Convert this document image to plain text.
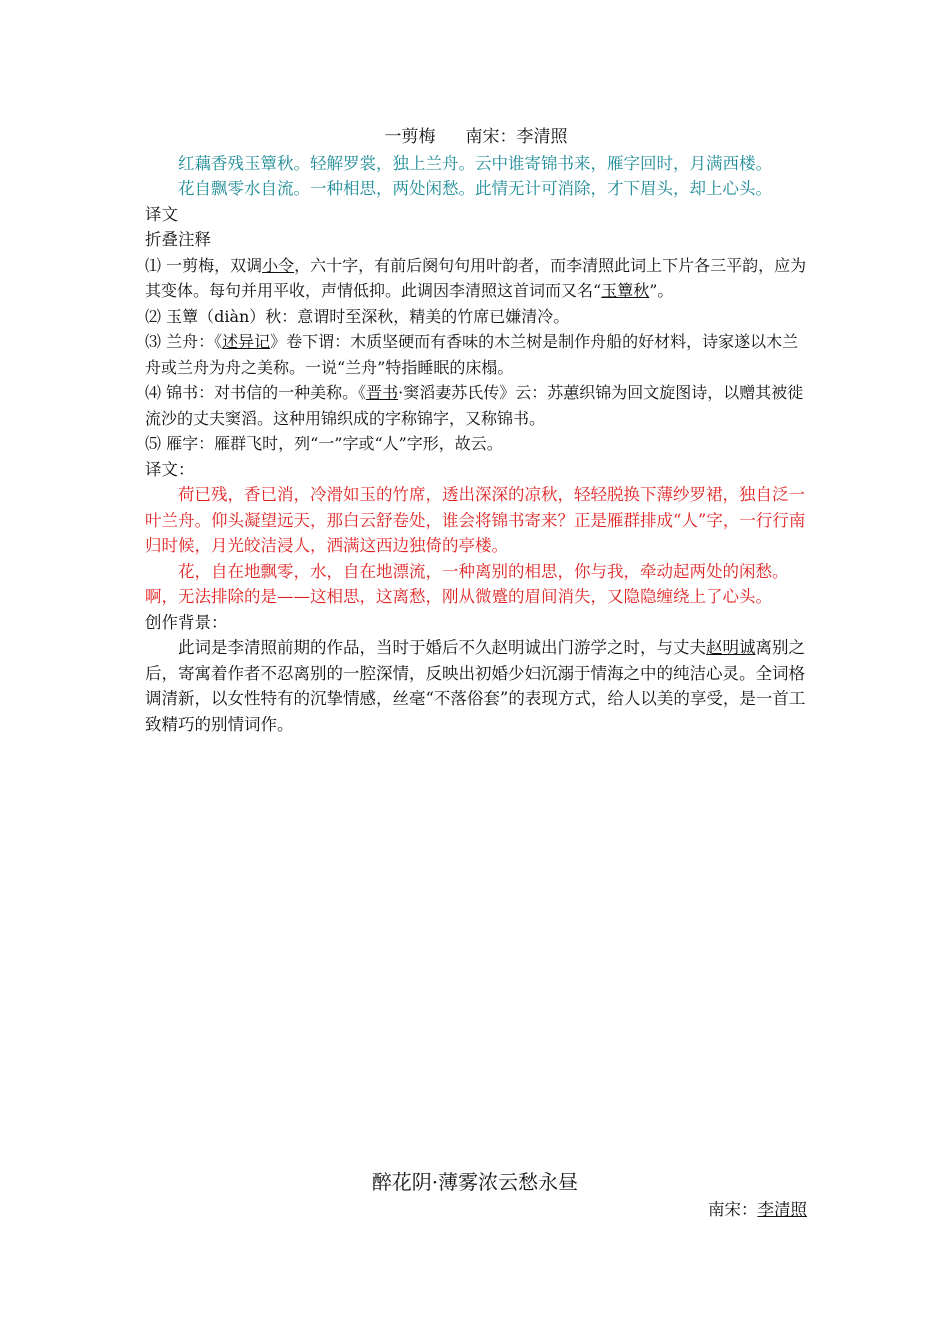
一剪梅 南宋：李清照

红藕香残玉簟秋。轻解罗裳，独上兰舟。云中谁寄锦书来，雁字回时，月满西楼。

花自飘零水自流。一种相思，两处闲愁。此情无计可消除，才下眉头，却上心头。

译文

折叠注释

⑴ 一剪梅，双调小令，六十字，有前后阕句句用叶韵者，而李清照此词上下片各三平韵，应为其变体。每句并用平收，声情低抑。此调因李清照这首词而又名“玉簟秋”。

⑵ 玉簟（diàn）秋：意谓时至深秋，精美的竹席已嫌清冷。

⑶ 兰舟：《述异记》卷下谓：木质坚硬而有香味的木兰树是制作舟船的好材料，诗家遂以木兰舟或兰舟为舟之美称。一说“兰舟”特指睡眠的床榻。

⑷ 锦书：对书信的一种美称。《晋书·窦滔妻苏氏传》云：苏蕙织锦为回文旋图诗，以赠其被徙流沙的丈夫窦滔。这种用锦织成的字称锦字，又称锦书。

⑸ 雁字：雁群飞时，列“一”字或“人”字形，故云。

译文：

荷已残，香已消，冷滑如玉的竹席，透出深深的凉秋，轻轻脱换下薄纱罗裙，独自泛一叶兰舟。仰头凝望远天，那白云舒卷处，谁会将锦书寄来？正是雁群排成“人”字，一行行南归时候，月光皎洁浸人，洒满这西边独倚的亭楼。

花，自在地飘零，水，自在地漂流，一种离别的相思，你与我，牵动起两处的闲愁。啊，无法排除的是——这相思，这离愁，刚从微蹙的眉间消失，又隐隐缠绕上了心头。

创作背景：

此词是李清照前期的作品，当时于婚后不久赵明诚出门游学之时，与丈夫赵明诚离别之后，寄寓着作者不忍离别的一腔深情，反映出初婚少妇沉溺于情海之中的纯洁心灵。全词格调清新，以女性特有的沉挚情感，丝毫“不落俗套”的表现方式，给人以美的享受，是一首工致精巧的别情词作。

醉花阴·薄雾浓云愁永昼
南宋：李清照
